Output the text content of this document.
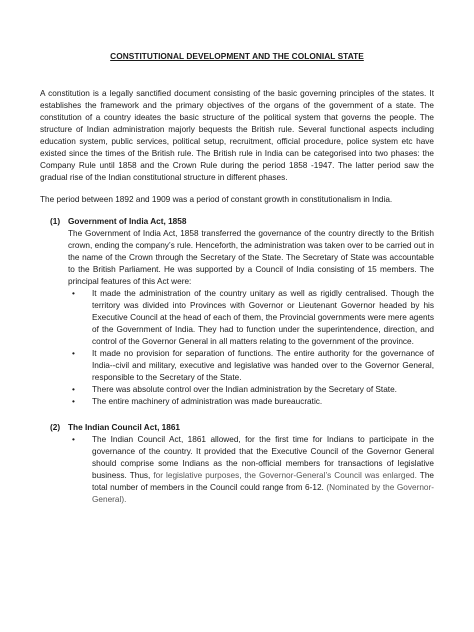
CONSTITUTIONAL DEVELOPMENT AND THE COLONIAL STATE

A constitution is a legally sanctified document consisting of the basic governing principles of the states. It establishes the framework and the primary objectives of the organs of the government of a state. The constitution of a country ideates the basic structure of the political system that governs the people. The structure of Indian administration majorly bequests the British rule. Several functional aspects including education system, public services, political setup, recruitment, official procedure, police system etc have existed since the times of the British rule. The British rule in India can be categorised into two phases: the Company Rule until 1858 and the Crown Rule during the period 1858 -1947. The latter period saw the gradual rise of the Indian constitutional structure in different phases.

The period between 1892 and 1909 was a period of constant growth in constitutionalism in India.

(1) Government of India Act, 1858

The Government of India Act, 1858 transferred the governance of the country directly to the British crown, ending the company’s rule. Henceforth, the administration was taken over to be carried out in the name of the Crown through the Secretary of the State. The Secretary of State was accountable to the British Parliament. He was supported by a Council of India consisting of 15 members. The principal features of this Act were:

• It made the administration of the country unitary as well as rigidly centralised. Though the territory was divided into Provinces with Governor or Lieutenant Governor headed by his Executive Council at the head of each of them, the Provincial governments were mere agents of the Government of India. They had to function under the superintendence, direction, and control of the Governor General in all matters relating to the government of the province.
• It made no provision for separation of functions. The entire authority for the governance of India--civil and military, executive and legislative was handed over to the Governor General, responsible to the Secretary of the State.
• There was absolute control over the Indian administration by the Secretary of State.
• The entire machinery of administration was made bureaucratic.

(2) The Indian Council Act, 1861

• The Indian Council Act, 1861 allowed, for the first time for Indians to participate in the governance of the country. It provided that the Executive Council of the Governor General should comprise some Indians as the non-official members for transactions of legislative business. Thus, for legislative purposes, the Governor-General’s Council was enlarged. The total number of members in the Council could range from 6-12. (Nominated by the Governor-General).
